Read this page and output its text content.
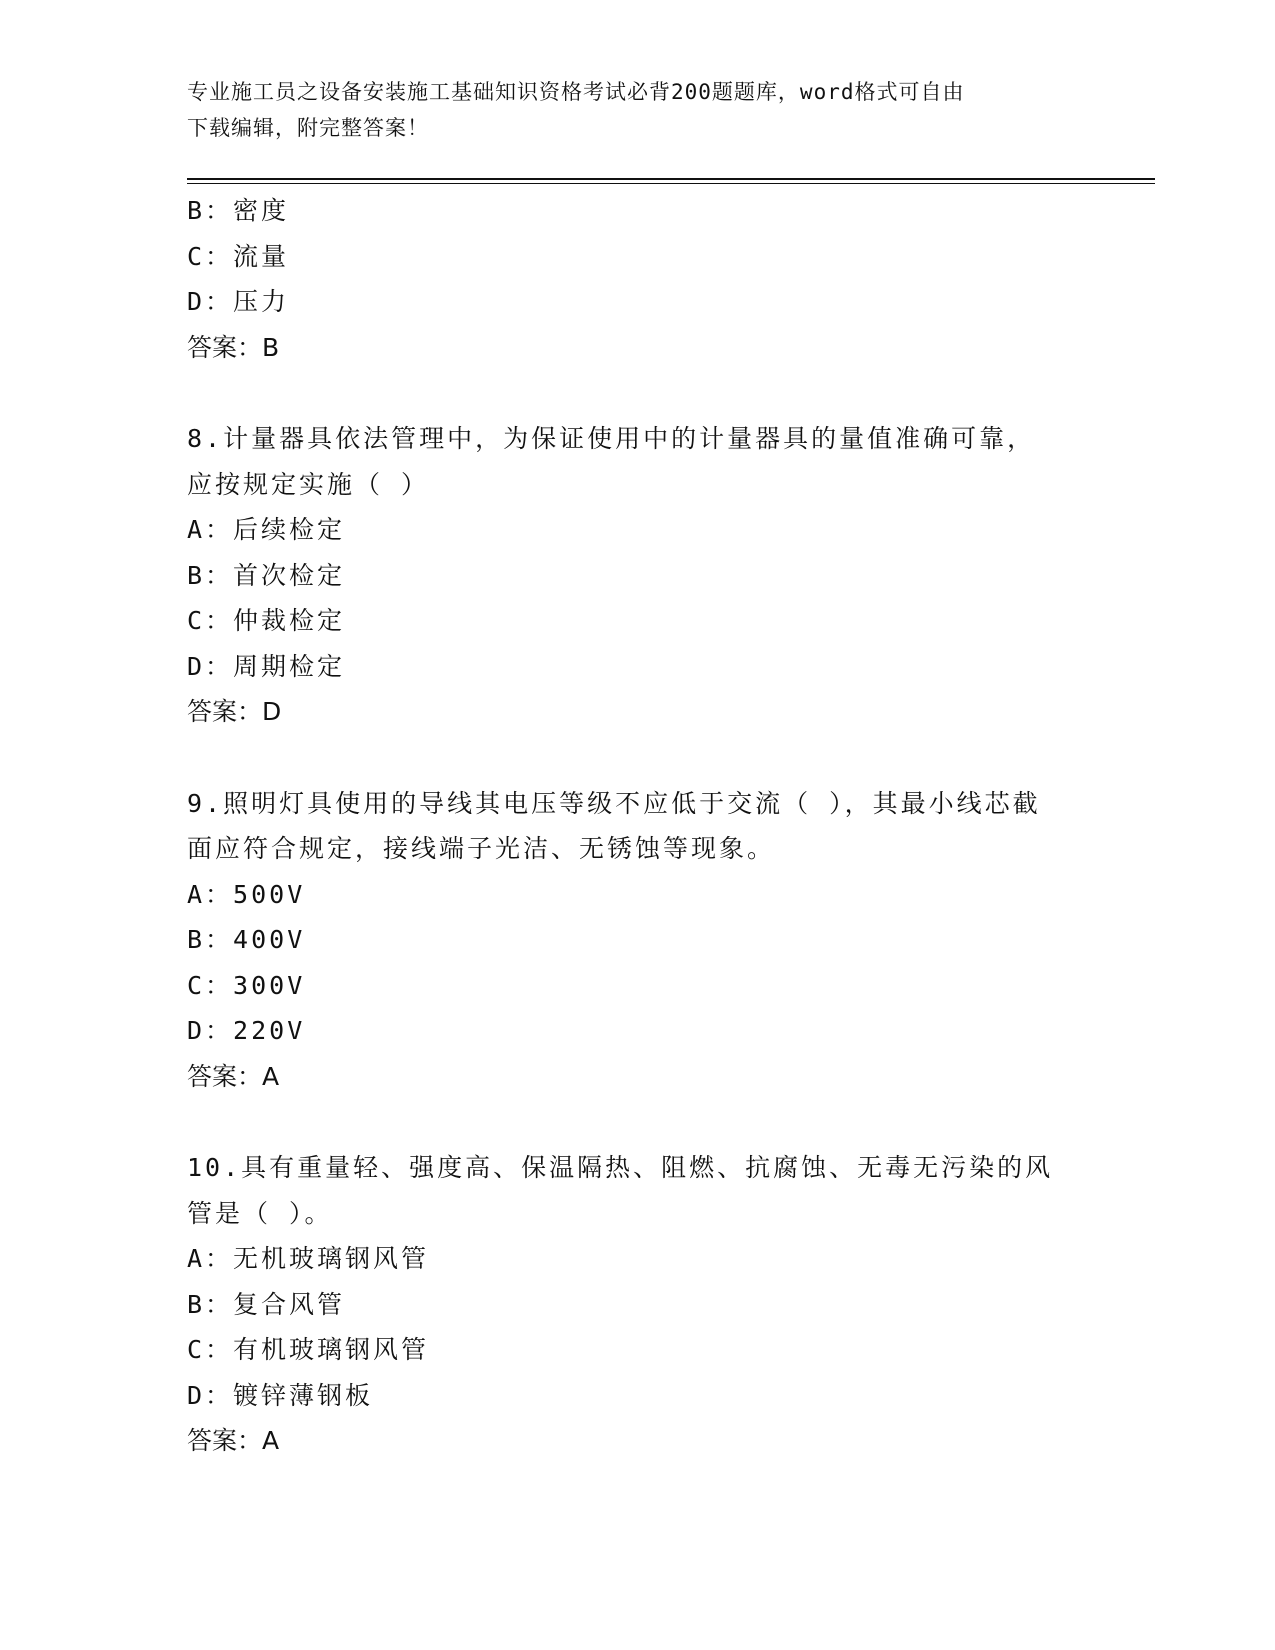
专业施工员之设备安装施工基础知识资格考试必背200题题库，word格式可自由
下载编辑，附完整答案！
B：密度
C：流量
D：压力
答案：B
8.计量器具依法管理中，为保证使用中的计量器具的量值准确可靠，
应按规定实施（ ）
A：后续检定
B：首次检定
C：仲裁检定
D：周期检定
答案：D
9.照明灯具使用的导线其电压等级不应低于交流（ ），其最小线芯截
面应符合规定，接线端子光洁、无锈蚀等现象。
A：500V
B：400V
C：300V
D：220V
答案：A
10.具有重量轻、强度高、保温隔热、阻燃、抗腐蚀、无毒无污染的风
管是（ ）。
A：无机玻璃钢风管
B：复合风管
C：有机玻璃钢风管
D：镀锌薄钢板
答案：A
